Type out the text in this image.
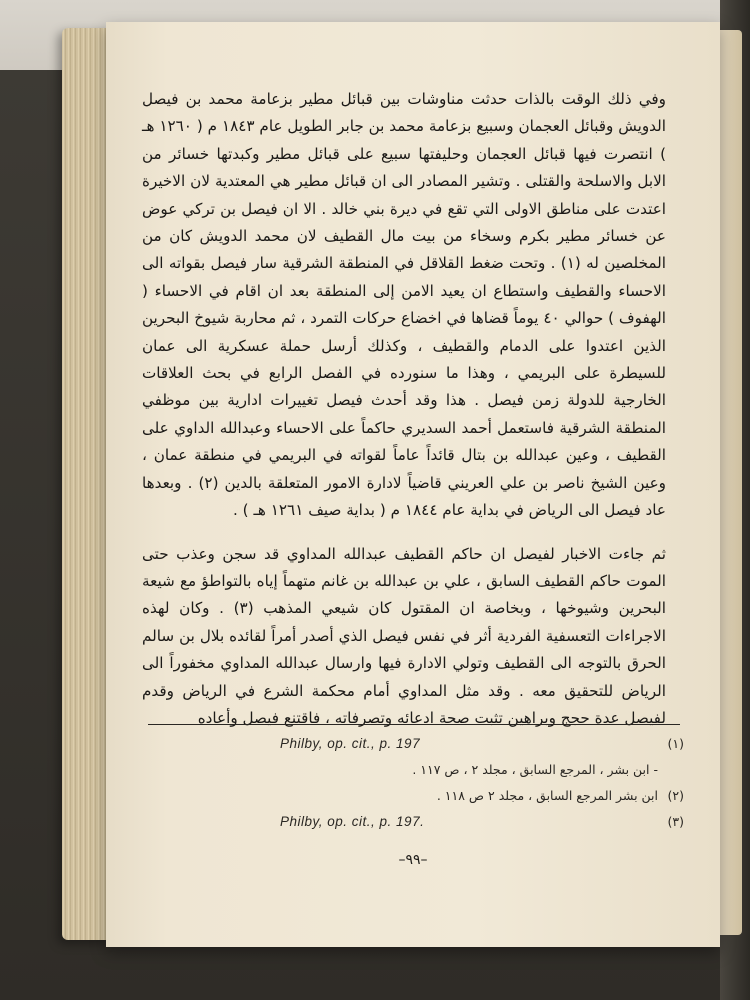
وفي ذلك الوقت بالذات حدثت مناوشات بين قبائل مطير بزعامة محمد بن فيصل الدويش وقبائل العجمان وسبيع بزعامة محمد بن جابر الطويل عام ١٨٤٣ م ( ١٢٦٠ هـ ) انتصرت فيها قبائل العجمان وحليفتها سبيع على قبائل مطير وكبدتها خسائر من الابل والاسلحة والقتلى . وتشير المصادر الى ان قبائل مطير هي المعتدية لان الاخيرة اعتدت على مناطق الاولى التي تقع في ديرة بني خالد . الا ان فيصل بن تركي عوض عن خسائر مطير بكرم وسخاء من بيت مال القطيف لان محمد الدويش كان من المخلصين له (١) . وتحت ضغط القلاقل في المنطقة الشرقية سار فيصل بقواته الى الاحساء والقطيف واستطاع ان يعيد الامن إلى المنطقة بعد ان اقام في الاحساء ( الهفوف ) حوالي ٤٠ يوماً قضاها في اخضاع حركات التمرد ، ثم محاربة شيوخ البحرين الذين اعتدوا على الدمام والقطيف ، وكذلك أرسل حملة عسكرية الى عمان للسيطرة على البريمي ، وهذا ما سنورده في الفصل الرابع في بحث العلاقات الخارجية للدولة زمن فيصل . هذا وقد أحدث فيصل تغييرات ادارية بين موظفي المنطقة الشرقية فاستعمل أحمد السديري حاكماً على الاحساء وعبدالله الداوي على القطيف ، وعين عبدالله بن بتال قائداً عاماً لقواته في البريمي في منطقة عمان ، وعين الشيخ ناصر بن علي العريني قاضياً لادارة الامور المتعلقة بالدين (٢) . وبعدها عاد فيصل الى الرياض في بداية عام ١٨٤٤ م ( بداية صيف ١٢٦١ هـ ) .

ثم جاءت الاخبار لفيصل ان حاكم القطيف عبدالله المداوي قد سجن وعذب حتى الموت حاكم القطيف السابق ، علي بن عبدالله بن غانم متهماً إياه بالتواطؤ مع شيعة البحرين وشيوخها ، وبخاصة ان المقتول كان شيعي المذهب (٣) . وكان لهذه الاجراءات التعسفية الفردية أثر في نفس فيصل الذي أصدر أمراً لقائده بلال بن سالم الحرق بالتوجه الى القطيف وتولي الادارة فيها وارسال عبدالله المداوي مخفوراً الى الرياض للتحقيق معه . وقد مثل المداوي أمام محكمة الشرع في الرياض وقدم لفيصل عدة حجج وبراهين تثبت صحة ادعائه وتصرفاته ، فاقتنع فيصل وأعاده

(١)
Philby, op. cit., p. 197
- ابن بشر ، المرجع السابق ، مجلد ٢ ، ص ١١٧ .
(٢)
ابن بشر المرجع السابق ، مجلد ٢ ص ١١٨ .
(٣)
Philby, op. cit., p. 197.
–٩٩–
